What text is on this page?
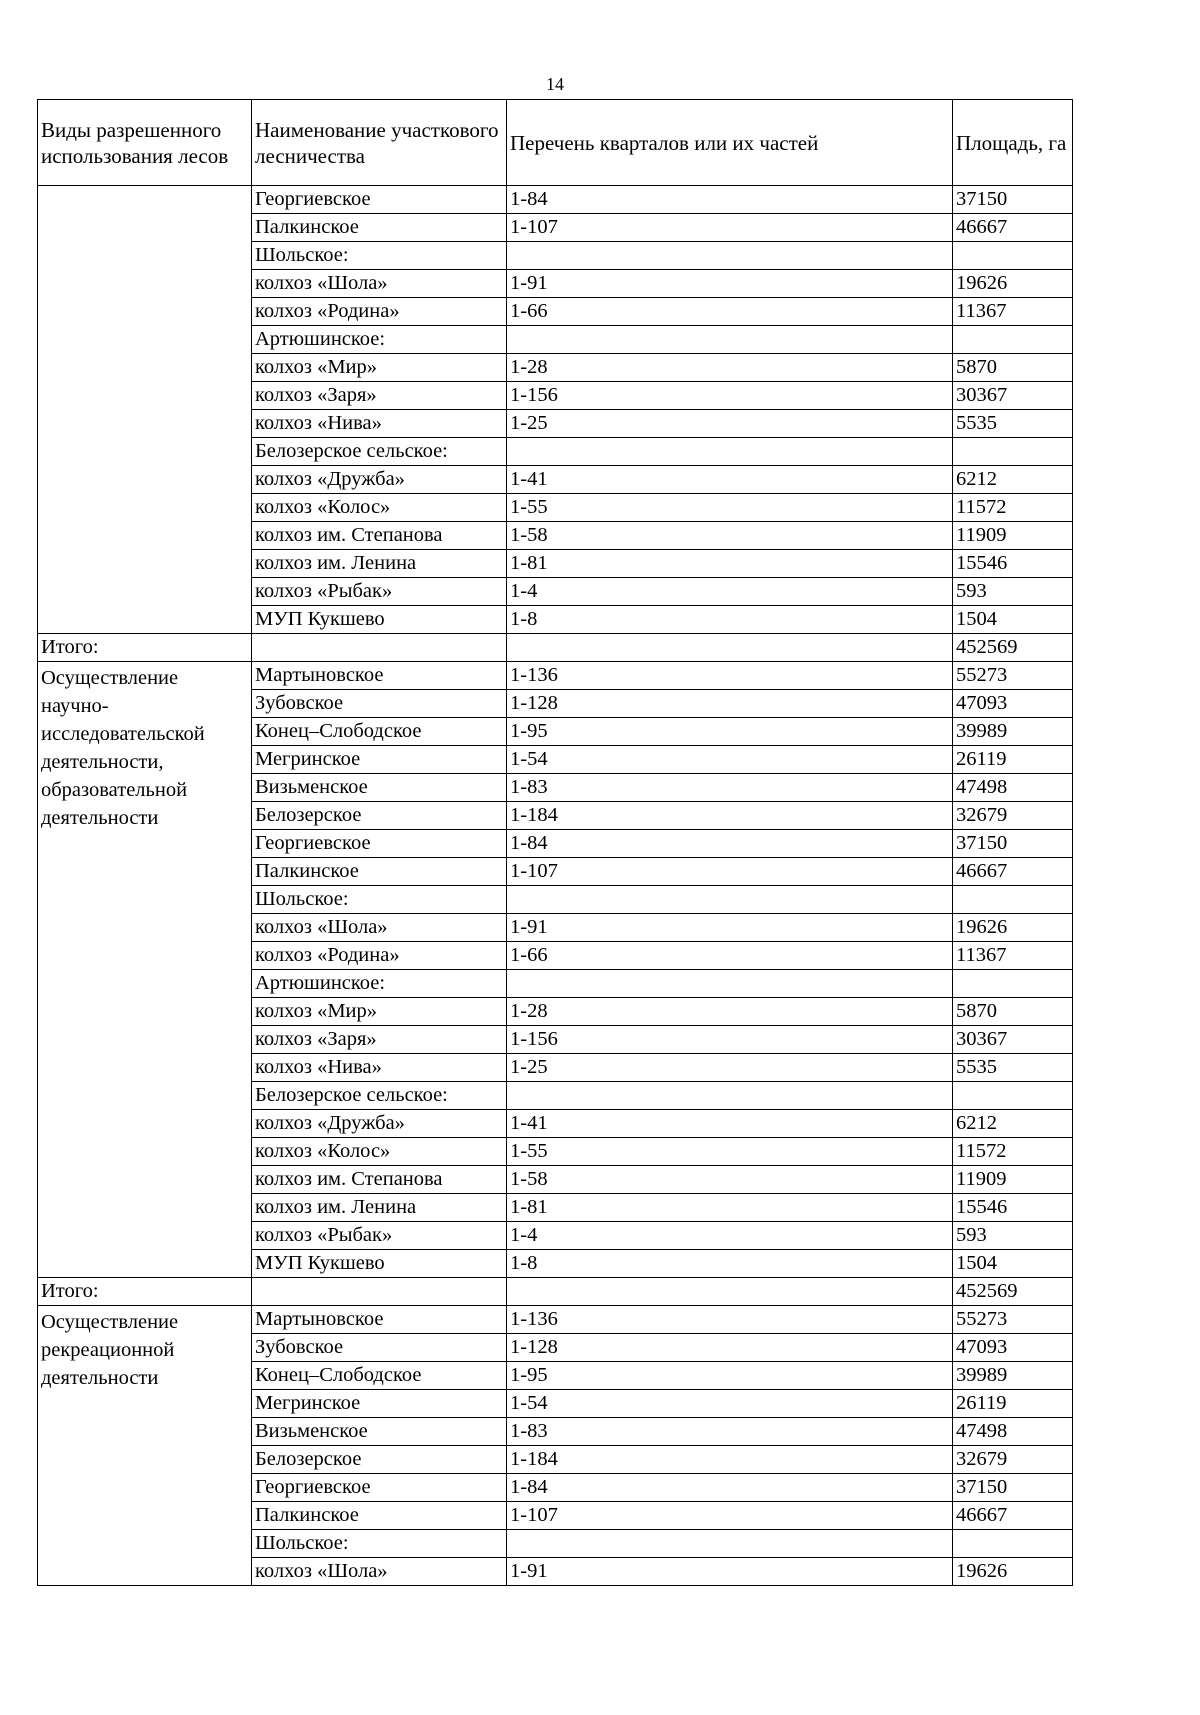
14
Виды разрешенного использования лесов	Наименование участкового лесничества	Перечень кварталов или их частей	Площадь, га
	Георгиевское	1-84	37150
	Палкинское	1-107	46667
	Шольское:		
	колхоз «Шола»	1-91	19626
	колхоз «Родина»	1-66	11367
	Артюшинское:		
	колхоз «Мир»	1-28	5870
	колхоз «Заря»	1-156	30367
	колхоз «Нива»	1-25	5535
	Белозерское сельское:		
	колхоз «Дружба»	1-41	6212
	колхоз «Колос»	1-55	11572
	колхоз им. Степанова	1-58	11909
	колхоз им. Ленина	1-81	15546
	колхоз «Рыбак»	1-4	593
	МУП Кукшево	1-8	1504
Итого:			452569
Осуществление научно-исследовательской деятельности, образовательной деятельности	Мартыновское	1-136	55273
	Зубовское	1-128	47093
	Конец–Слободское	1-95	39989
	Мегринское	1-54	26119
	Визьменское	1-83	47498
	Белозерское	1-184	32679
	Георгиевское	1-84	37150
	Палкинское	1-107	46667
	Шольское:		
	колхоз «Шола»	1-91	19626
	колхоз «Родина»	1-66	11367
	Артюшинское:		
	колхоз «Мир»	1-28	5870
	колхоз «Заря»	1-156	30367
	колхоз «Нива»	1-25	5535
	Белозерское сельское:		
	колхоз «Дружба»	1-41	6212
	колхоз «Колос»	1-55	11572
	колхоз им. Степанова	1-58	11909
	колхоз им. Ленина	1-81	15546
	колхоз «Рыбак»	1-4	593
	МУП Кукшево	1-8	1504
Итого:			452569
Осуществление рекреационной деятельности	Мартыновское	1-136	55273
	Зубовское	1-128	47093
	Конец–Слободское	1-95	39989
	Мегринское	1-54	26119
	Визьменское	1-83	47498
	Белозерское	1-184	32679
	Георгиевское	1-84	37150
	Палкинское	1-107	46667
	Шольское:		
	колхоз «Шола»	1-91	19626
